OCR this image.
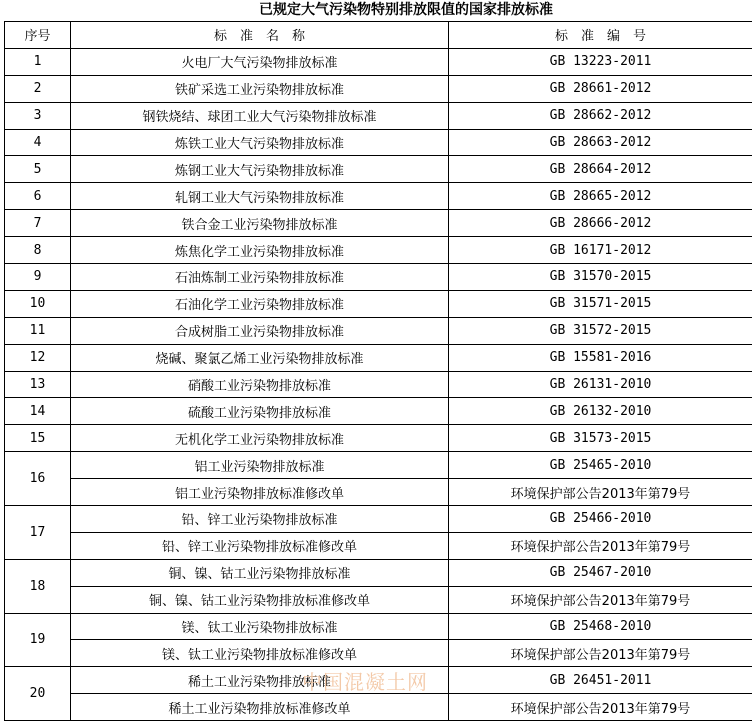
已规定大气污染物特别排放限值的国家排放标准
序号	标　准　名　称	标　准　编　号
1	火电厂大气污染物排放标准	GB 13223-2011
2	铁矿采选工业污染物排放标准	GB 28661-2012
3	钢铁烧结、球团工业大气污染物排放标准	GB 28662-2012
4	炼铁工业大气污染物排放标准	GB 28663-2012
5	炼钢工业大气污染物排放标准	GB 28664-2012
6	轧钢工业大气污染物排放标准	GB 28665-2012
7	铁合金工业污染物排放标准	GB 28666-2012
8	炼焦化学工业污染物排放标准	GB 16171-2012
9	石油炼制工业污染物排放标准	GB 31570-2015
10	石油化学工业污染物排放标准	GB 31571-2015
11	合成树脂工业污染物排放标准	GB 31572-2015
12	烧碱、聚氯乙烯工业污染物排放标准	GB 15581-2016
13	硝酸工业污染物排放标准	GB 26131-2010
14	硫酸工业污染物排放标准	GB 26132-2010
15	无机化学工业污染物排放标准	GB 31573-2015
16	铝工业污染物排放标准	GB 25465-2010
	铝工业污染物排放标准修改单	环境保护部公告2013年第79号
17	铅、锌工业污染物排放标准	GB 25466-2010
	铅、锌工业污染物排放标准修改单	环境保护部公告2013年第79号
18	铜、镍、钴工业污染物排放标准	GB 25467-2010
	铜、镍、钴工业污染物排放标准修改单	环境保护部公告2013年第79号
19	镁、钛工业污染物排放标准	GB 25468-2010
	镁、钛工业污染物排放标准修改单	环境保护部公告2013年第79号
20	稀土工业污染物排放标准	GB 26451-2011
	稀土工业污染物排放标准修改单	环境保护部公告2013年第79号
中国混凝土网
